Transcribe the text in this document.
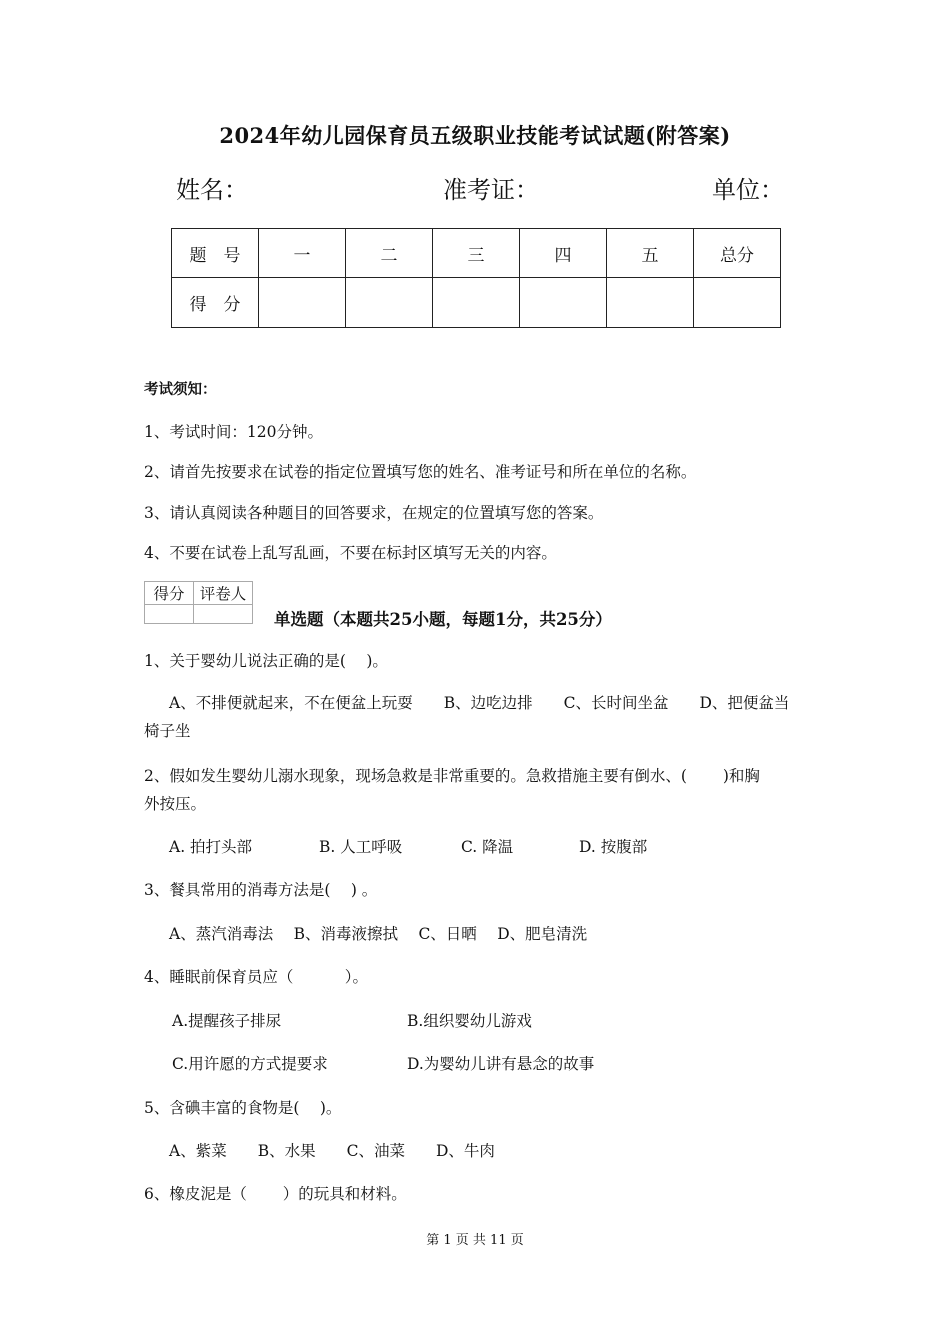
2024年幼儿园保育员五级职业技能考试试题(附答案)
姓名：	准考证：	单位：
题　号	一	二	三	四	五	总分
得　分						
考试须知：
1、考试时间：120分钟。
2、请首先按要求在试卷的指定位置填写您的姓名、准考证号和所在单位的名称。
3、请认真阅读各种题目的回答要求，在规定的位置填写您的答案。
4、不要在试卷上乱写乱画，不要在标封区填写无关的内容。
得分	评卷人

单选题（本题共25小题，每题1分，共25分）
1、关于婴幼儿说法正确的是(　 )。
A、不排便就起来，不在便盆上玩耍　　B、边吃边排　　C、长时间坐盆　　D、把便盆当
椅子坐
2、假如发生婴幼儿溺水现象，现场急救是非常重要的。急救措施主要有倒水、(　　 )和胸
外按压。
A. 拍打头部	B. 人工呼吸	C. 降温	D. 按腹部
3、餐具常用的消毒方法是(　 ) 。
A、蒸汽消毒法　 B、消毒液擦拭　 C、日晒　 D、肥皂清洗
4、睡眠前保育员应（　　　 ）。
A.提醒孩子排尿	B.组织婴幼儿游戏
C.用许愿的方式提要求	D.为婴幼儿讲有悬念的故事
5、含碘丰富的食物是(　 )。
A、紫菜　　B、水果　　C、油菜　　D、牛肉
6、橡皮泥是（　　 ）的玩具和材料。
第 1 页 共 11 页
